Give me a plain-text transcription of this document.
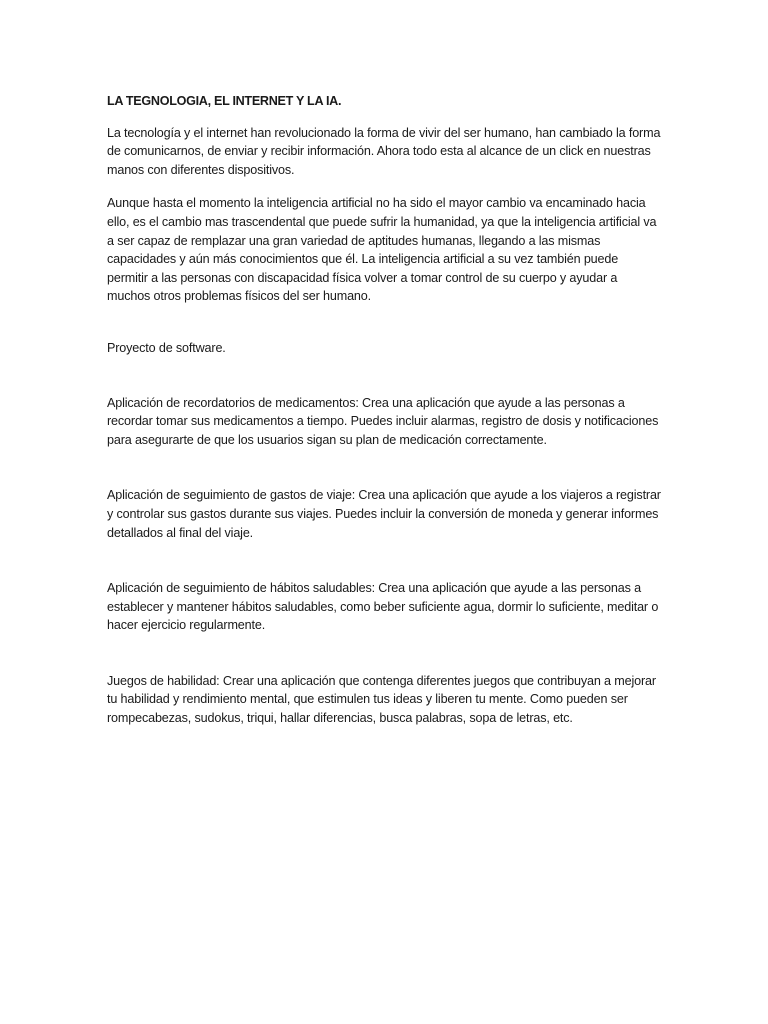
LA TEGNOLOGIA, EL INTERNET Y LA IA.

La tecnología y el internet han revolucionado la forma de vivir del ser humano, han cambiado la forma de comunicarnos, de enviar y recibir información. Ahora todo esta al alcance de un click en nuestras manos con diferentes dispositivos.

Aunque hasta el momento la inteligencia artificial no ha sido el mayor cambio va encaminado hacia ello, es el cambio mas trascendental que puede sufrir la humanidad, ya que la inteligencia artificial va a ser capaz de remplazar una gran variedad de aptitudes humanas, llegando a las mismas capacidades y aún más conocimientos que él. La inteligencia artificial a su vez también puede permitir a las personas con discapacidad física volver a tomar control de su cuerpo y ayudar a muchos otros problemas físicos del ser humano.

Proyecto de software.

Aplicación de recordatorios de medicamentos: Crea una aplicación que ayude a las personas a recordar tomar sus medicamentos a tiempo. Puedes incluir alarmas, registro de dosis y notificaciones para asegurarte de que los usuarios sigan su plan de medicación correctamente.

Aplicación de seguimiento de gastos de viaje: Crea una aplicación que ayude a los viajeros a registrar y controlar sus gastos durante sus viajes. Puedes incluir la conversión de moneda y generar informes detallados al final del viaje.

Aplicación de seguimiento de hábitos saludables: Crea una aplicación que ayude a las personas a establecer y mantener hábitos saludables, como beber suficiente agua, dormir lo suficiente, meditar o hacer ejercicio regularmente.

Juegos de habilidad: Crear una aplicación que contenga diferentes juegos que contribuyan a mejorar tu habilidad y rendimiento mental, que estimulen tus ideas y liberen tu mente. Como pueden ser rompecabezas, sudokus, triqui, hallar diferencias, busca palabras, sopa de letras, etc.
